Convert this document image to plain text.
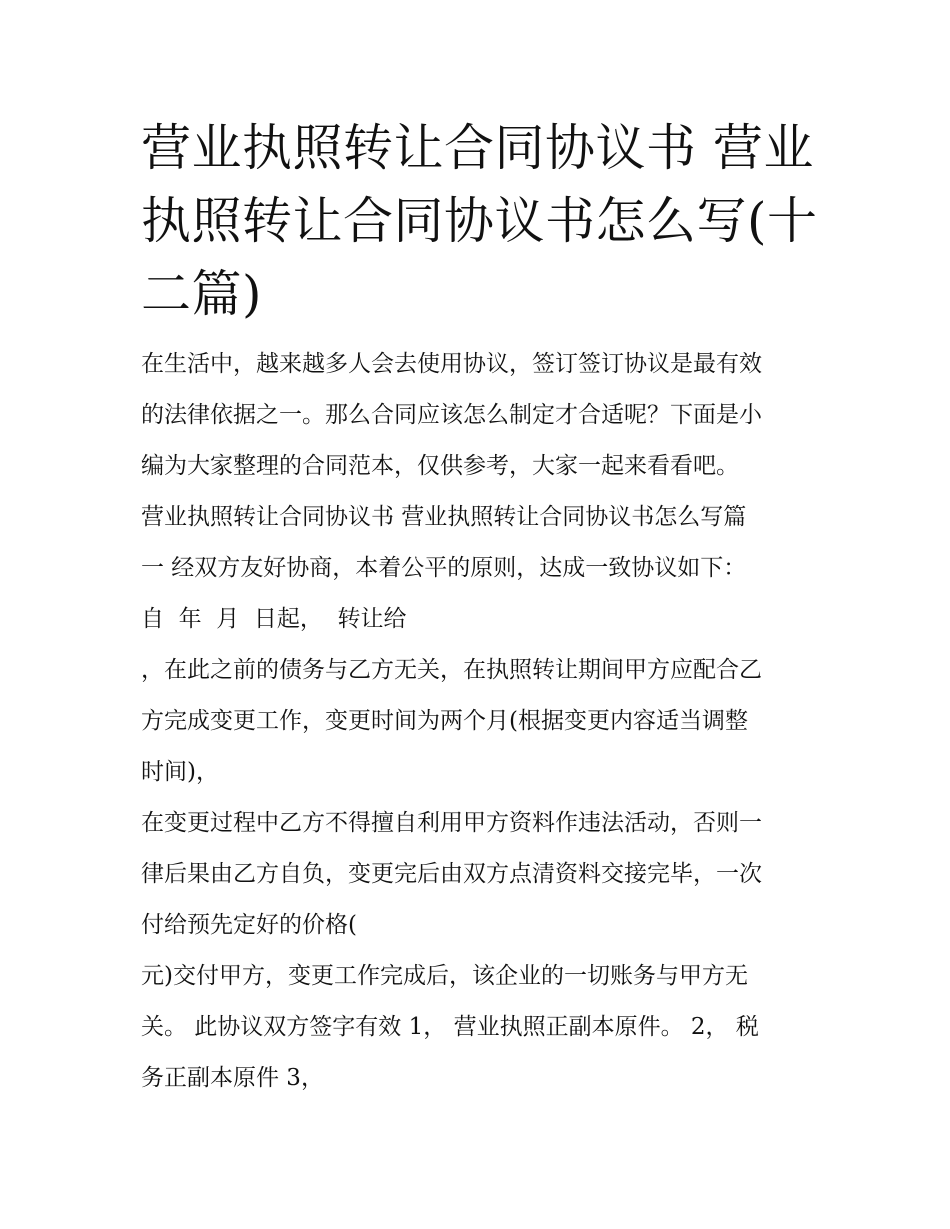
营业执照转让合同协议书 营业执照转让合同协议书怎么写(十二篇)
在生活中，越来越多人会去使用协议，签订签订协议是最有效
的法律依据之一。那么合同应该怎么制定才合适呢？下面是小
编为大家整理的合同范本，仅供参考，大家一起来看看吧。
营业执照转让合同协议书 营业执照转让合同协议书怎么写篇
一 经双方友好协商，本着公平的原则，达成一致协议如下：
自  年  月  日起，  转让给
，在此之前的债务与乙方无关，在执照转让期间甲方应配合乙
方完成变更工作，变更时间为两个月(根据变更内容适当调整
时间)，
在变更过程中乙方不得擅自利用甲方资料作违法活动，否则一
律后果由乙方自负，变更完后由双方点清资料交接完毕，一次
付给预先定好的价格(
元)交付甲方，变更工作完成后，该企业的一切账务与甲方无
关。 此协议双方签字有效 1， 营业执照正副本原件。 2， 税
务正副本原件 3，
